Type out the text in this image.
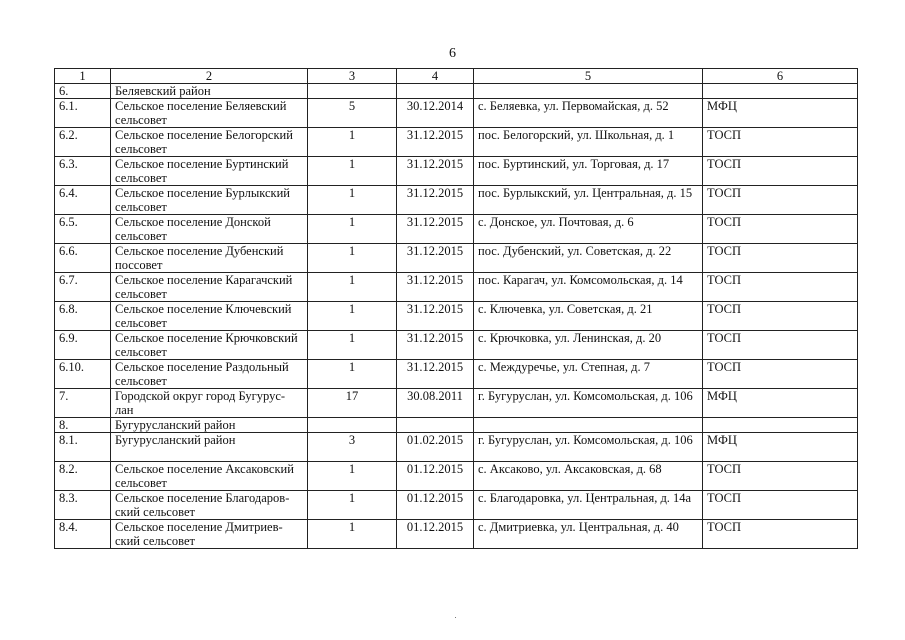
6
1	2	3	4	5	6
6.	Беляевский район				
6.1.	Сельское поселение Беляевский сельсовет	5	30.12.2014	с. Беляевка, ул. Первомайская, д. 52	МФЦ
6.2.	Сельское поселение Белогорский сельсовет	1	31.12.2015	пос. Белогорский, ул. Школьная, д. 1	ТОСП
6.3.	Сельское поселение Буртинский сельсовет	1	31.12.2015	пос. Буртинский, ул. Торговая, д. 17	ТОСП
6.4.	Сельское поселение Бурлыкский сельсовет	1	31.12.2015	пос. Бурлыкский, ул. Центральная, д. 15	ТОСП
6.5.	Сельское поселение Донской сельсовет	1	31.12.2015	с. Донское, ул. Почтовая, д. 6	ТОСП
6.6.	Сельское поселение Дубенский поссовет	1	31.12.2015	пос. Дубенский, ул. Советская, д. 22	ТОСП
6.7.	Сельское поселение Карагачский сельсовет	1	31.12.2015	пос. Карагач, ул. Комсомольская, д. 14	ТОСП
6.8.	Сельское поселение Ключевский сельсовет	1	31.12.2015	с. Ключевка, ул. Советская, д. 21	ТОСП
6.9.	Сельское поселение Крючковский сельсовет	1	31.12.2015	с. Крючковка, ул. Ленинская, д. 20	ТОСП
6.10.	Сельское поселение Раздольный сельсовет	1	31.12.2015	с. Междуречье, ул. Степная, д. 7	ТОСП
7.	Городской округ город Бугурус-лан	17	30.08.2011	г. Бугуруслан, ул. Комсомольская, д. 106	МФЦ
8.	Бугурусланский район				
8.1.	Бугурусланский район	3	01.02.2015	г. Бугуруслан, ул. Комсомольская, д. 106	МФЦ
8.2.	Сельское поселение Аксаковский сельсовет	1	01.12.2015	с. Аксаково, ул. Аксаковская, д. 68	ТОСП
8.3.	Сельское поселение Благодаров-ский сельсовет	1	01.12.2015	с. Благодаровка, ул. Центральная, д. 14а	ТОСП
8.4.	Сельское поселение Дмитриев-ский сельсовет	1	01.12.2015	с. Дмитриевка, ул. Центральная, д. 40	ТОСП
